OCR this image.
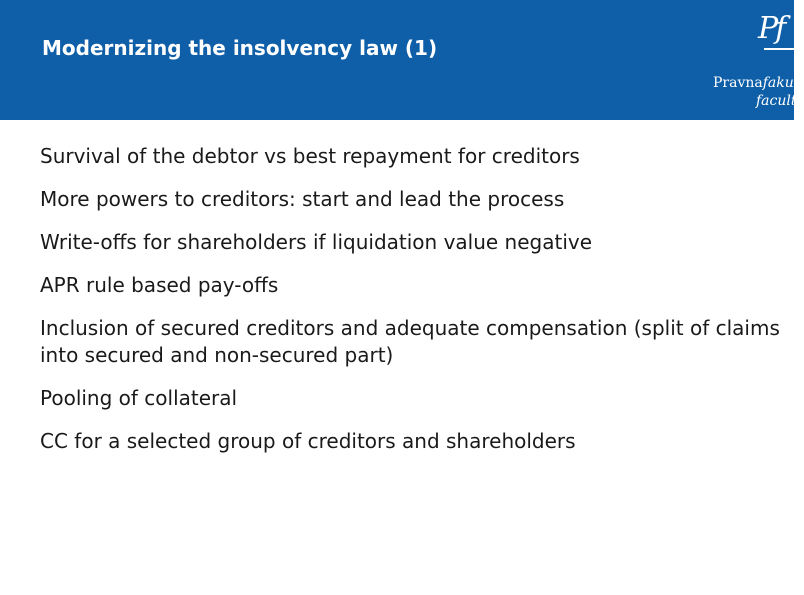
Modernizing the insolvency law (1)
Pf
Pravnafakult
facult
Survival of the debtor vs best repayment for creditors
More powers to creditors: start and lead the process
Write-offs for shareholders if liquidation value negative
APR rule based pay-offs
Inclusion of secured creditors and adequate compensation (split of claims into secured and non-secured part)
Pooling of collateral
CC for a selected group of creditors and shareholders
